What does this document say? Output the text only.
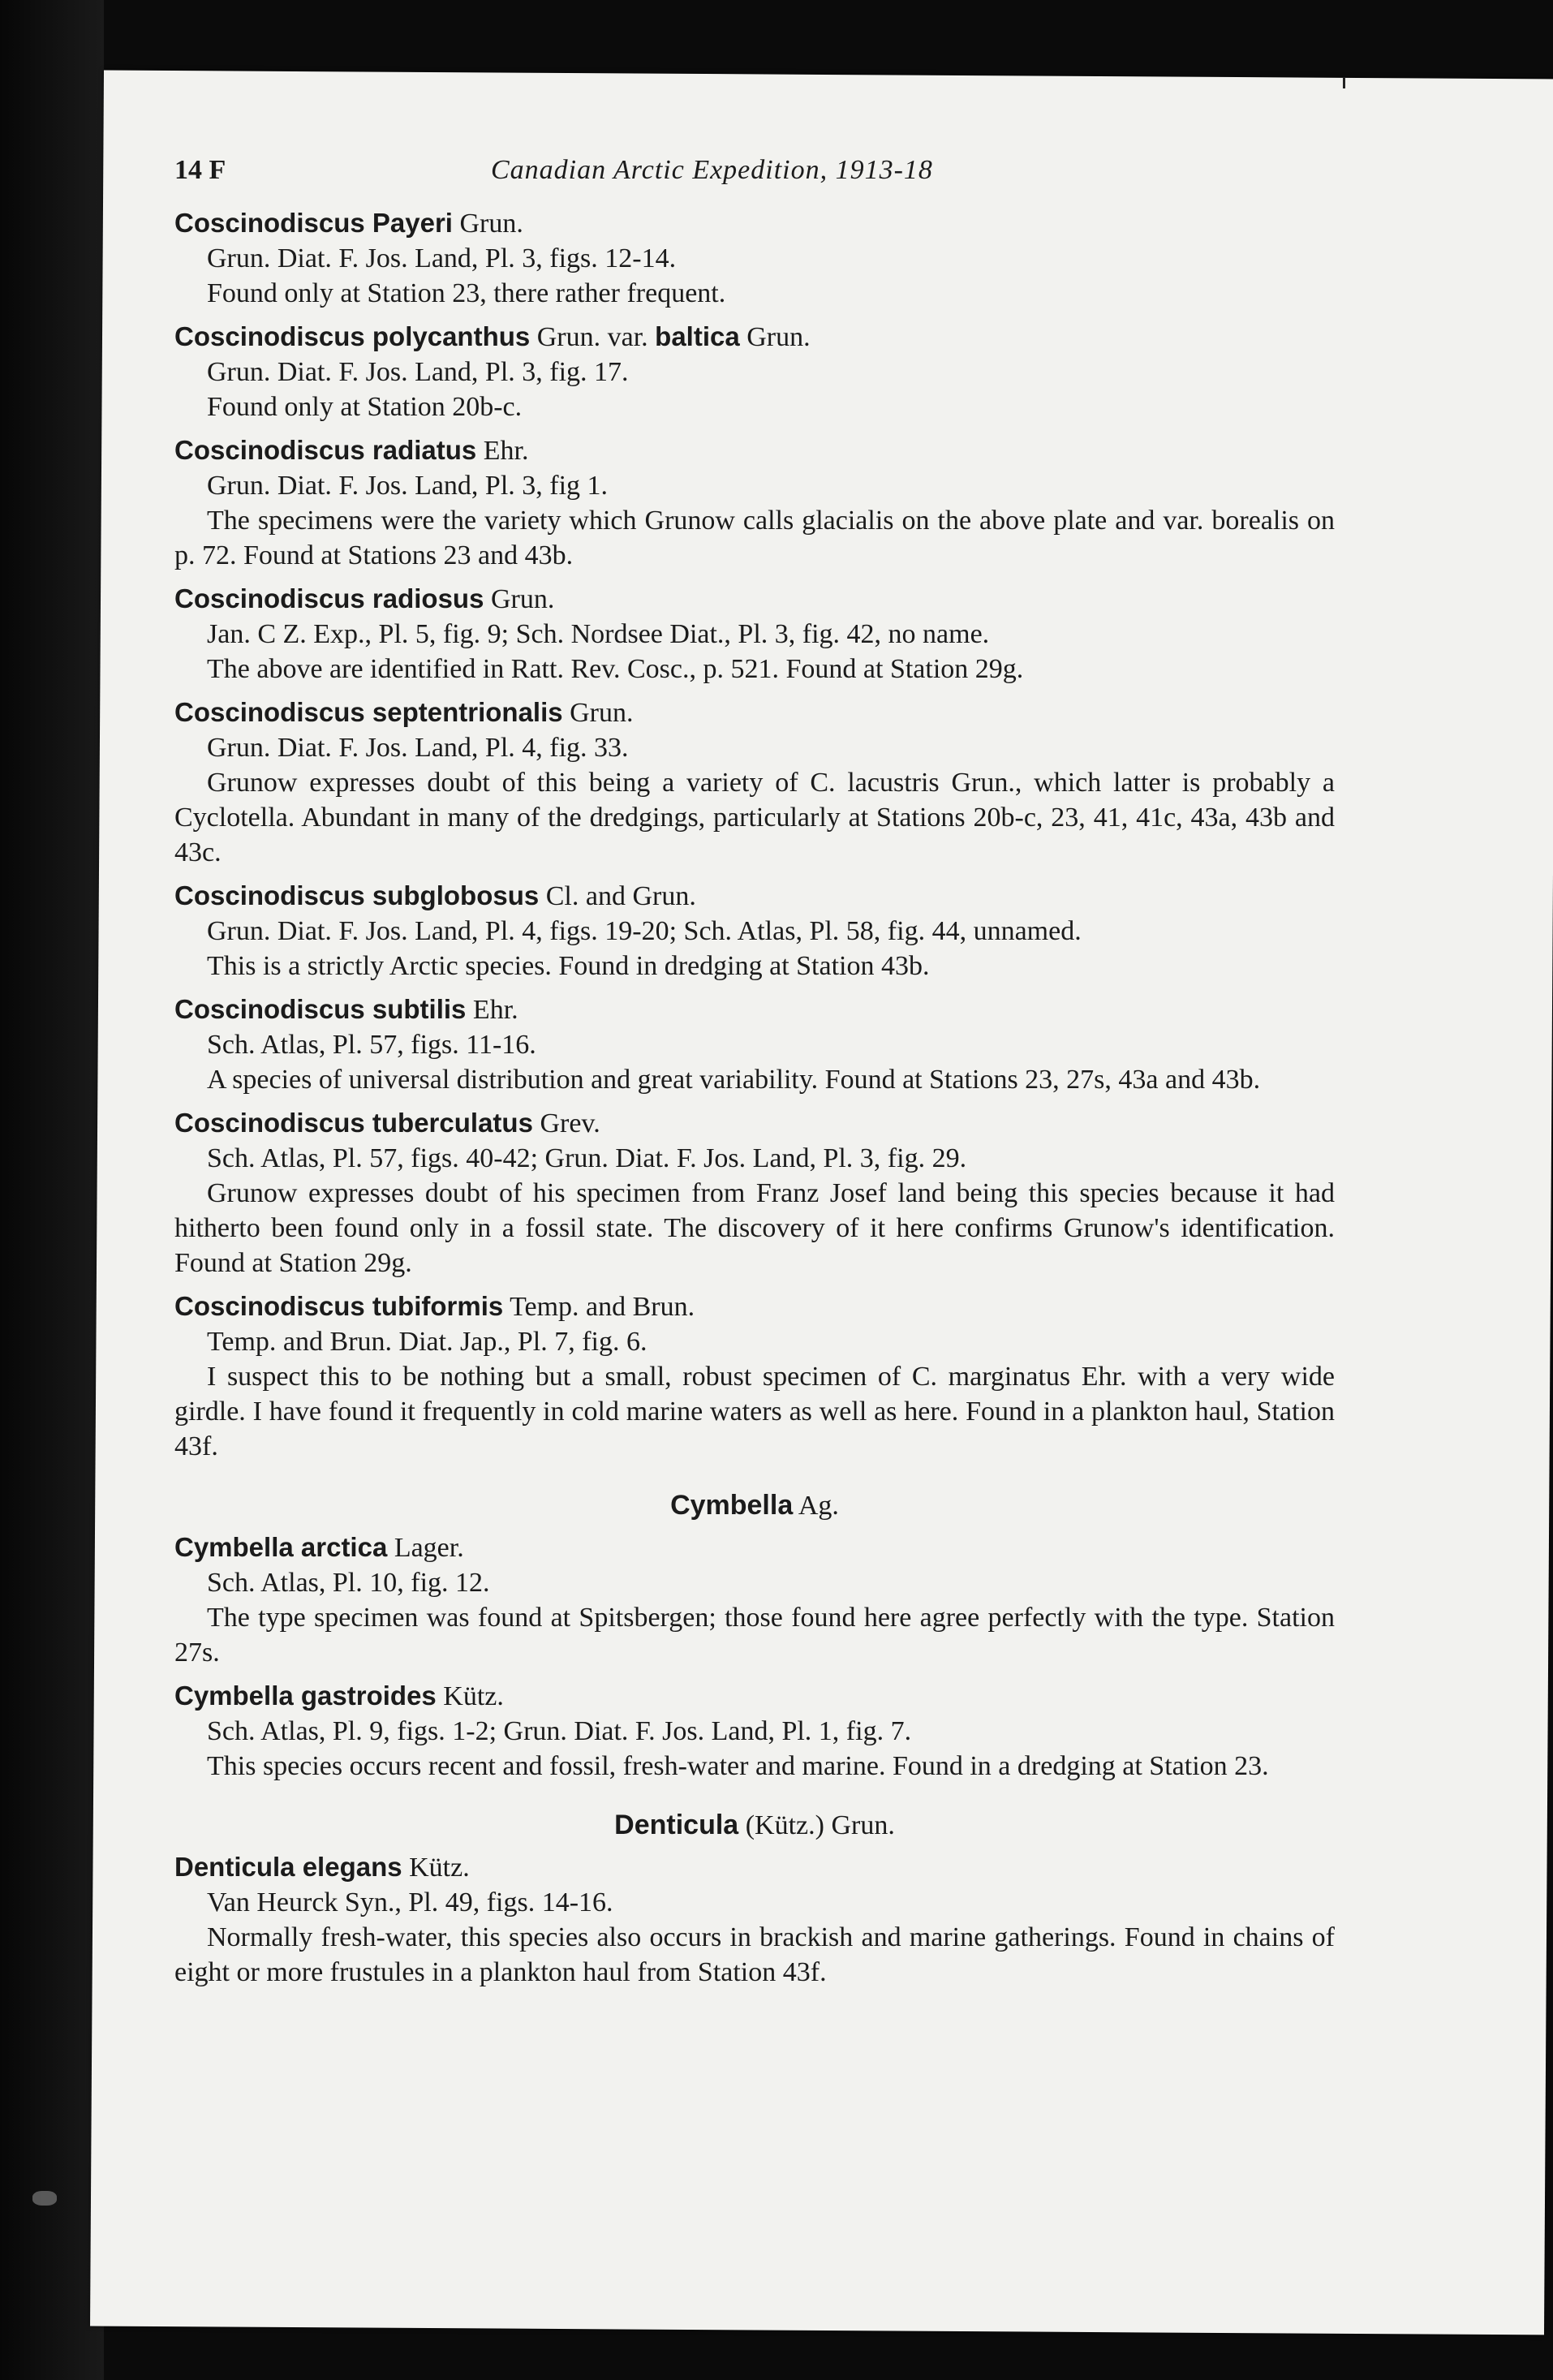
14 F	Canadian Arctic Expedition, 1913-18
Coscinodiscus Payeri Grun.
Grun. Diat. F. Jos. Land, Pl. 3, figs. 12-14.
Found only at Station 23, there rather frequent.
Coscinodiscus polycanthus Grun. var. baltica Grun.
Grun. Diat. F. Jos. Land, Pl. 3, fig. 17.
Found only at Station 20b-c.
Coscinodiscus radiatus Ehr.
Grun. Diat. F. Jos. Land, Pl. 3, fig 1.
The specimens were the variety which Grunow calls glacialis on the above plate and var. borealis on p. 72. Found at Stations 23 and 43b.
Coscinodiscus radiosus Grun.
Jan. C Z. Exp., Pl. 5, fig. 9; Sch. Nordsee Diat., Pl. 3, fig. 42, no name.
The above are identified in Ratt. Rev. Cosc., p. 521. Found at Station 29g.
Coscinodiscus septentrionalis Grun.
Grun. Diat. F. Jos. Land, Pl. 4, fig. 33.
Grunow expresses doubt of this being a variety of C. lacustris Grun., which latter is probably a Cyclotella. Abundant in many of the dredgings, particularly at Stations 20b-c, 23, 41, 41c, 43a, 43b and 43c.
Coscinodiscus subglobosus Cl. and Grun.
Grun. Diat. F. Jos. Land, Pl. 4, figs. 19-20; Sch. Atlas, Pl. 58, fig. 44, unnamed.
This is a strictly Arctic species. Found in dredging at Station 43b.
Coscinodiscus subtilis Ehr.
Sch. Atlas, Pl. 57, figs. 11-16.
A species of universal distribution and great variability. Found at Stations 23, 27s, 43a and 43b.
Coscinodiscus tuberculatus Grev.
Sch. Atlas, Pl. 57, figs. 40-42; Grun. Diat. F. Jos. Land, Pl. 3, fig. 29.
Grunow expresses doubt of his specimen from Franz Josef land being this species because it had hitherto been found only in a fossil state. The discovery of it here confirms Grunow's identification. Found at Station 29g.
Coscinodiscus tubiformis Temp. and Brun.
Temp. and Brun. Diat. Jap., Pl. 7, fig. 6.
I suspect this to be nothing but a small, robust specimen of C. marginatus Ehr. with a very wide girdle. I have found it frequently in cold marine waters as well as here. Found in a plankton haul, Station 43f.
Cymbella Ag.
Cymbella arctica Lager.
Sch. Atlas, Pl. 10, fig. 12.
The type specimen was found at Spitsbergen; those found here agree perfectly with the type. Station 27s.
Cymbella gastroides Kütz.
Sch. Atlas, Pl. 9, figs. 1-2; Grun. Diat. F. Jos. Land, Pl. 1, fig. 7.
This species occurs recent and fossil, fresh-water and marine. Found in a dredging at Station 23.
Denticula (Kütz.) Grun.
Denticula elegans Kütz.
Van Heurck Syn., Pl. 49, figs. 14-16.
Normally fresh-water, this species also occurs in brackish and marine gatherings. Found in chains of eight or more frustules in a plankton haul from Station 43f.
